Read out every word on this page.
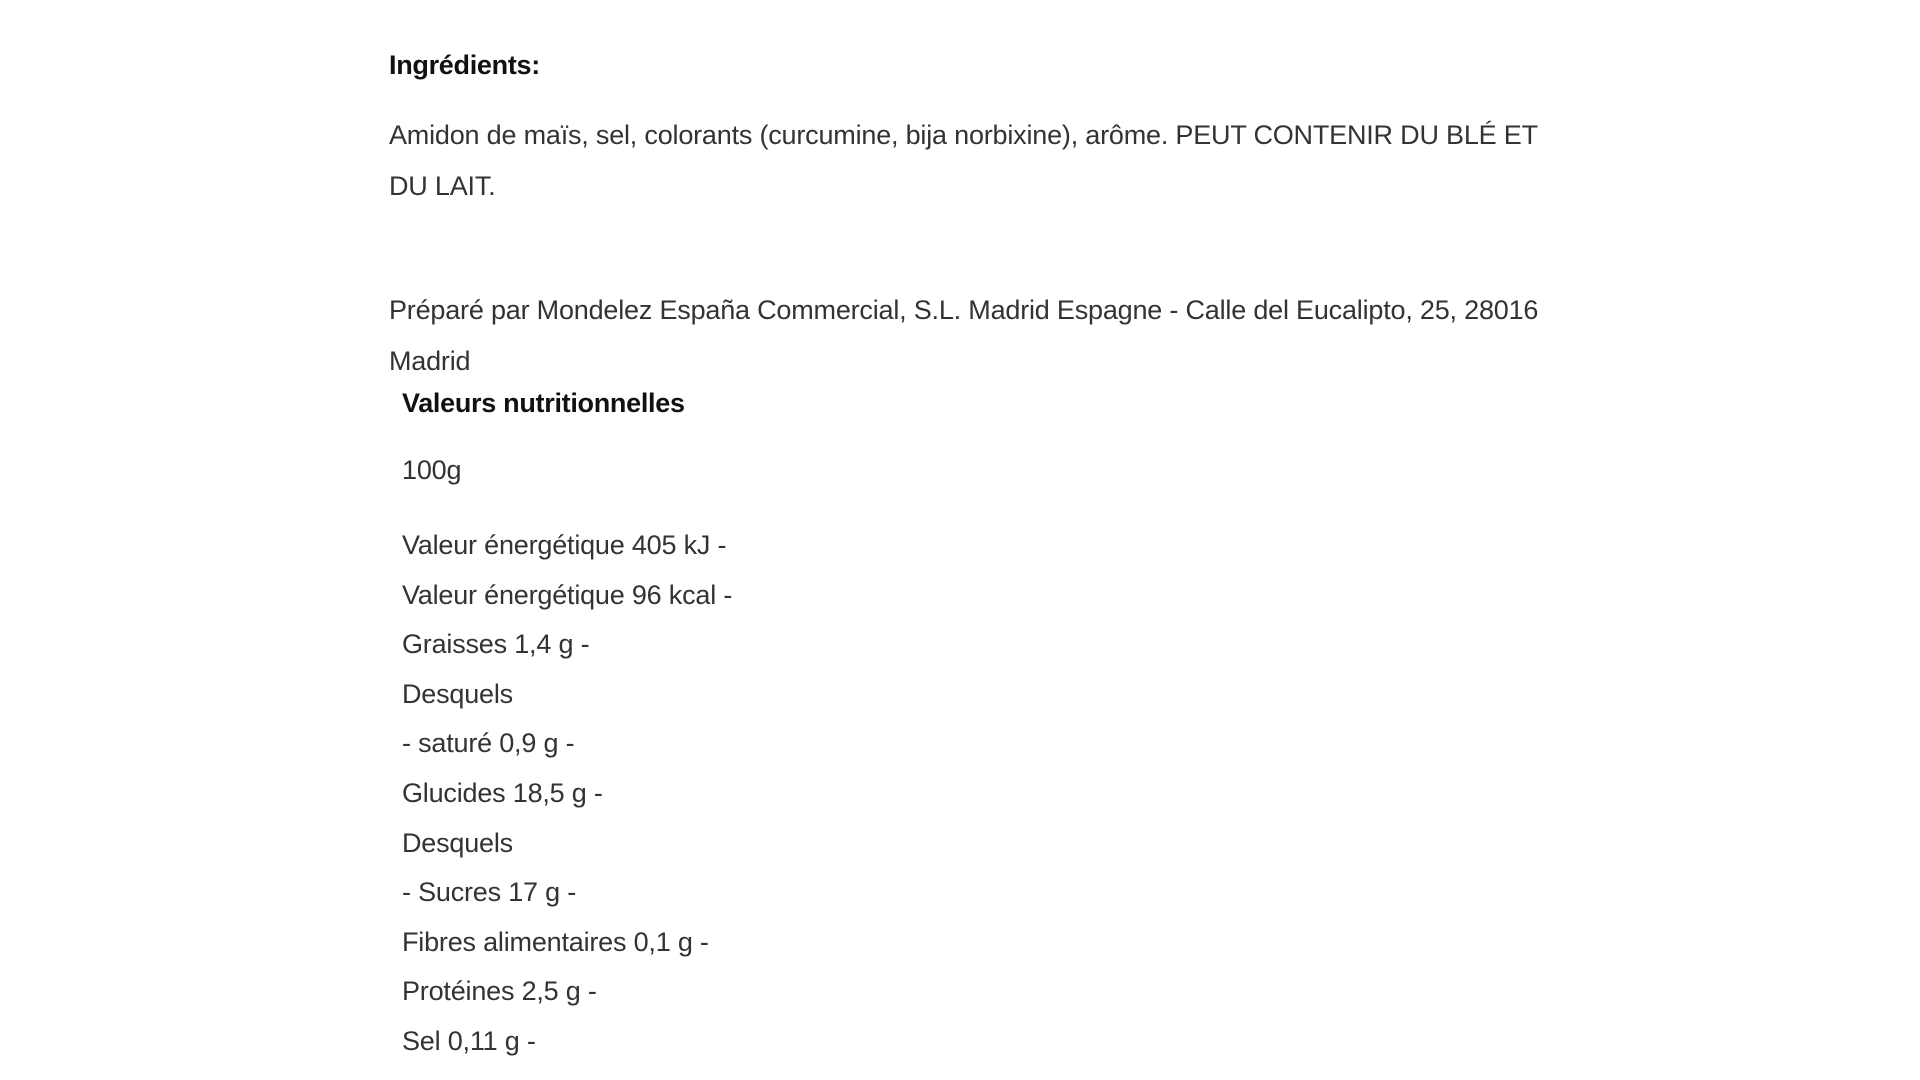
Ingrédients:

Amidon de maïs, sel, colorants (curcumine, bija norbixine), arôme. PEUT CONTENIR DU BLÉ ET DU LAIT.

Préparé par Mondelez España Commercial, S.L. Madrid Espagne - Calle del Eucalipto, 25, 28016 Madrid

Valeurs nutritionnelles

100g

Valeur énergétique 405 kJ -
Valeur énergétique 96 kcal -
Graisses 1,4 g -
Desquels
- saturé 0,9 g -
Glucides 18,5 g -
Desquels
- Sucres 17 g -
Fibres alimentaires 0,1 g -
Protéines 2,5 g -
Sel 0,11 g -
